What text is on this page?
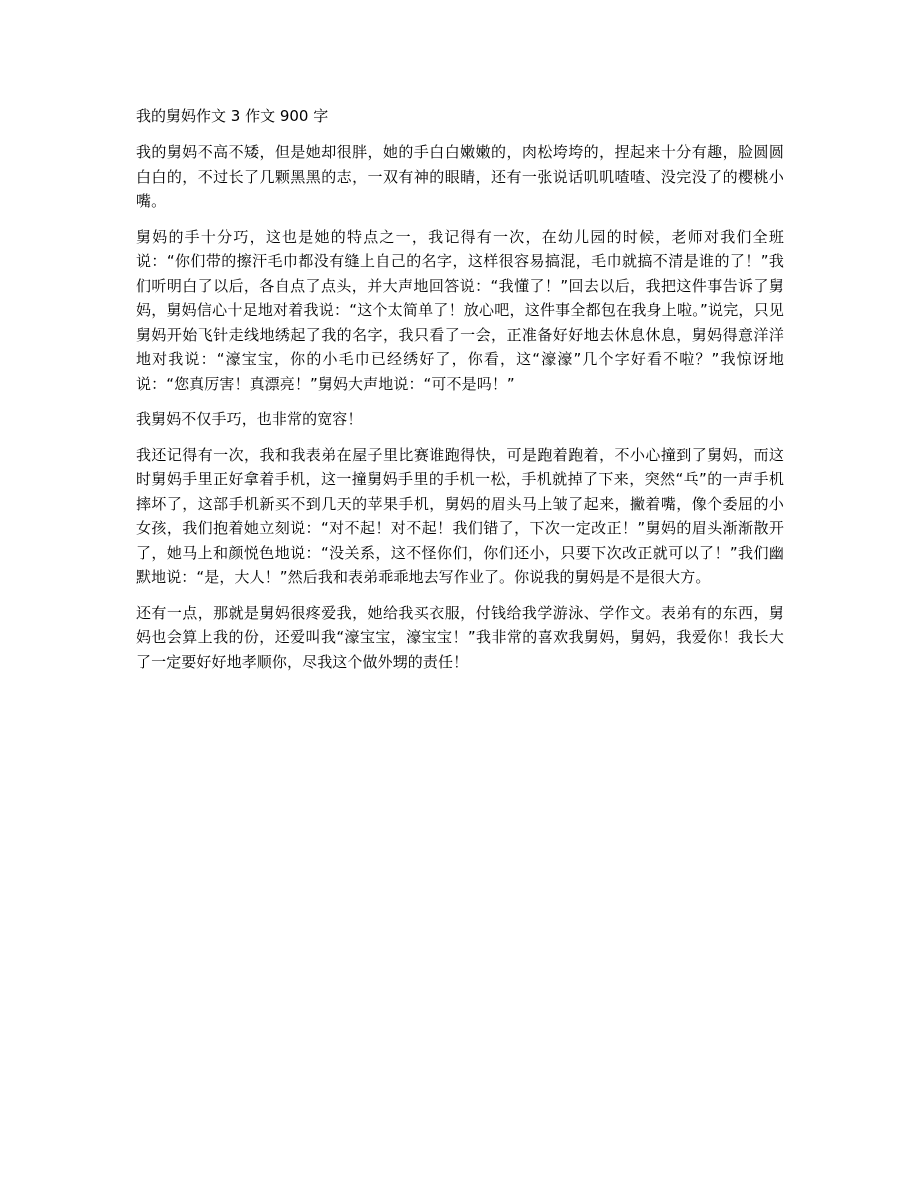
我的舅妈作文 3 作文 900 字

我的舅妈不高不矮，但是她却很胖，她的手白白嫩嫩的，肉松垮垮的，捏起来十分有趣，脸圆圆白白的，不过长了几颗黑黑的志，一双有神的眼睛，还有一张说话叽叽喳喳、没完没了的樱桃小嘴。

舅妈的手十分巧，这也是她的特点之一，我记得有一次，在幼儿园的时候，老师对我们全班说：“你们带的擦汗毛巾都没有缝上自己的名字，这样很容易搞混，毛巾就搞不清是谁的了！”我们听明白了以后，各自点了点头，并大声地回答说：“我懂了！”回去以后，我把这件事告诉了舅妈，舅妈信心十足地对着我说：“这个太简单了！放心吧，这件事全都包在我身上啦。”说完，只见舅妈开始飞针走线地绣起了我的名字，我只看了一会，正准备好好地去休息休息，舅妈得意洋洋地对我说：“濠宝宝，你的小毛巾已经绣好了，你看，这“濠濠”几个字好看不啦？”我惊讶地说：“您真厉害！真漂亮！”舅妈大声地说：“可不是吗！”

我舅妈不仅手巧，也非常的宽容！

我还记得有一次，我和我表弟在屋子里比赛谁跑得快，可是跑着跑着，不小心撞到了舅妈，而这时舅妈手里正好拿着手机，这一撞舅妈手里的手机一松，手机就掉了下来，突然“乓”的一声手机摔坏了，这部手机新买不到几天的苹果手机，舅妈的眉头马上皱了起来，撇着嘴，像个委屈的小女孩，我们抱着她立刻说：“对不起！对不起！我们错了，下次一定改正！”舅妈的眉头渐渐散开了，她马上和颜悦色地说：“没关系，这不怪你们，你们还小，只要下次改正就可以了！”我们幽默地说：“是，大人！”然后我和表弟乖乖地去写作业了。你说我的舅妈是不是很大方。

还有一点，那就是舅妈很疼爱我，她给我买衣服，付钱给我学游泳、学作文。表弟有的东西，舅妈也会算上我的份，还爱叫我“濠宝宝，濠宝宝！”我非常的喜欢我舅妈，舅妈，我爱你！我长大了一定要好好地孝顺你，尽我这个做外甥的责任！
